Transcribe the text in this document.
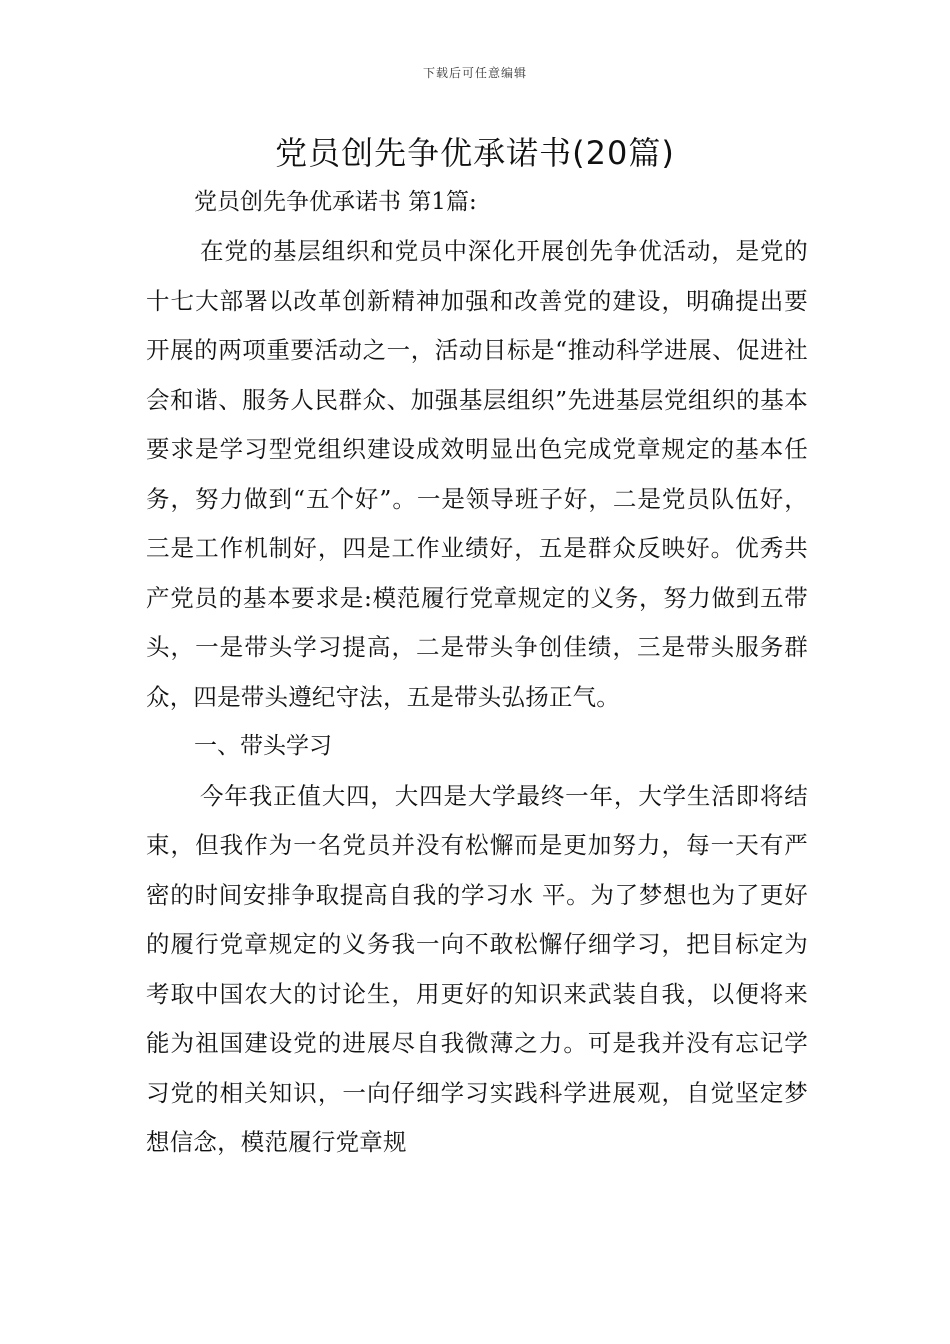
下载后可任意编辑
党员创先争优承诺书(20篇)

党员创先争优承诺书 第1篇:

在党的基层组织和党员中深化开展创先争优活动，是党的十七大部署以改革创新精神加强和改善党的建设，明确提出要开展的两项重要活动之一，活动目标是“推动科学进展、促进社会和谐、服务人民群众、加强基层组织”先进基层党组织的基本要求是学习型党组织建设成效明显出色完成党章规定的基本任务，努力做到“五个好”。一是领导班子好，二是党员队伍好，三是工作机制好，四是工作业绩好，五是群众反映好。优秀共产党员的基本要求是:模范履行党章规定的义务，努力做到五带头，一是带头学习提高，二是带头争创佳绩，三是带头服务群众，四是带头遵纪守法，五是带头弘扬正气。

一、带头学习

今年我正值大四，大四是大学最终一年，大学生活即将结束，但我作为一名党员并没有松懈而是更加努力，每一天有严密的时间安排争取提高自我的学习水 平。为了梦想也为了更好的履行党章规定的义务我一向不敢松懈仔细学习，把目标定为考取中国农大的讨论生，用更好的知识来武装自我，以便将来能为祖国建设党的进展尽自我微薄之力。可是我并没有忘记学习党的相关知识，一向仔细学习实践科学进展观，自觉坚定梦想信念，模范履行党章规
